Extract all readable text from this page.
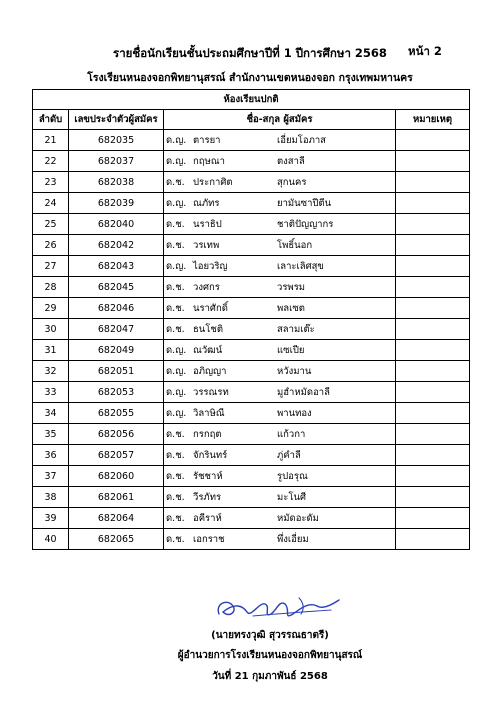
รายชื่อนักเรียนชั้นประถมศึกษาปีที่ 1 ปีการศึกษา 2568	หน้า 2
โรงเรียนหนองจอกพิทยานุสรณ์ สำนักงานเขตหนองจอก กรุงเทพมหานคร
ห้องเรียนปกติ			
ลำดับ	เลขประจำตัวผู้สมัคร	ชื่อ-สกุล ผู้สมัคร	หมายเหตุ
21	682035	ด.ญ. ตารยา เอี่ยมโอภาส	
22	682037	ด.ญ. กฤษณา ตงสาลี	
23	682038	ด.ช. ประกาศิต สุกนคร	
24	682039	ด.ญ. ณภัทร ยามันซาปีตีน	
25	682040	ด.ช. นราธิป ชาติปัญญากร	
26	682042	ด.ช. วรเทพ โพธิ์นอก	
27	682043	ด.ญ. ไอยวริญ เลาะเลิศสุข	
28	682045	ด.ช. วงศกร วรพรม	
29	682046	ด.ช. นราศักดิ์ พลเซต	
30	682047	ด.ช. ธนโชติ สลามเต๊ะ	
31	682049	ด.ญ. ณวัฒน์ แซเปีย	
32	682051	ด.ญ. อภิญญา หวังมาน	
33	682053	ด.ญ. วรรณรท มูฮำหมัดอาลี	
34	682055	ด.ญ. วิลาษิณี พานทอง	
35	682056	ด.ช. กรกฤต แก้วกา	
36	682057	ด.ช. จักรินทร์ ภู่คำลี	
37	682060	ด.ช. รัชชาห์ รูปอรุณ	
38	682061	ด.ช. วีรภัทร มะโนศี	
39	682064	ด.ช. อคีราห์ หมัดอะดัม	
40	682065	ด.ช. เอกราช พึ่งเอี่ยม	
(นายทรงวุฒิ สุวรรณธาตรี)
ผู้อำนวยการโรงเรียนหนองจอกพิทยานุสรณ์
วันที่ 21 กุมภาพันธ์ 2568
